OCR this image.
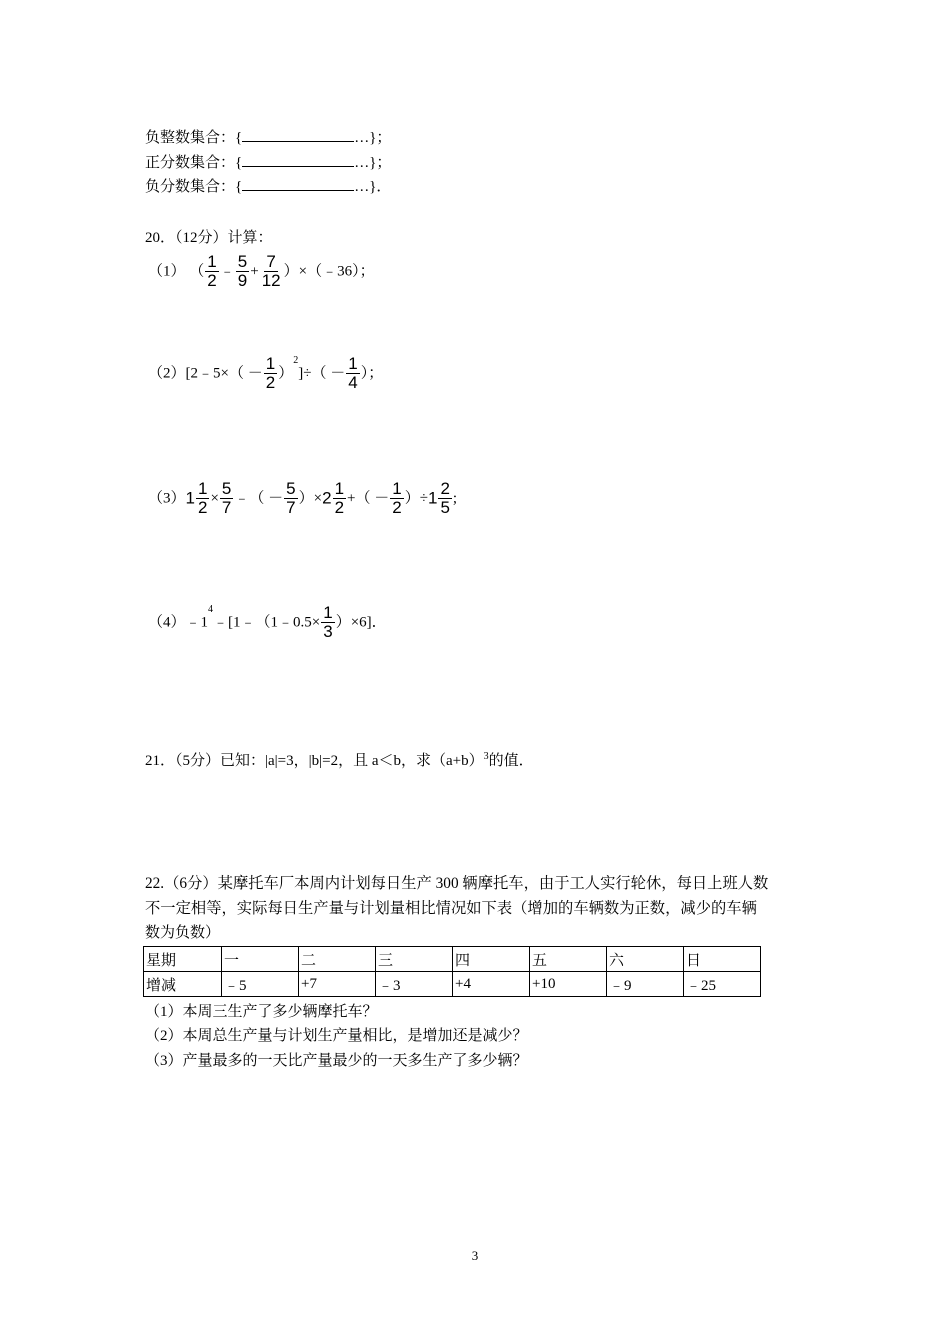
负整数集合：{	…}；
正分数集合：{	…}；
负分数集合：{	…}．
20．（12分）计算：
（1） （ $\frac{1}{2}$ ﹣ $\frac{5}{9} + \frac{7}{12}$ ）×（﹣36）；
（2）[2﹣5×（ － $\frac{1}{2} )^2]\div( - \frac{1}{4}$ ）；
$(3)1 \frac{1}{2} \times \frac{5}{7}$ ﹣（ － $\frac{5}{7} )\times 2 \frac{1}{2}$ +（ － $\frac{1}{2} )\div 1 \frac{2}{5}$ ;
$(4)﹣1^4﹣[1﹣(1﹣0.5\times \frac{1}{3} )\times 6]$．
21．（5分）已知：|a|=3，|b|=2，且 a＜b，求$(a+b)^3$的值．
22.（6分）某摩托车厂本周内计划每日生产 300 辆摩托车，由于工人实行轮休，每日上班人数
不一定相等，实际每日生产量与计划量相比情况如下表（增加的车辆数为正数，减少的车辆
数为负数）
星期	一	二	三	四	五	六	日
增减	﹣5	+7	﹣3	+4	+10	﹣9	﹣25
（1）本周三生产了多少辆摩托车？
（2）本周总生产量与计划生产量相比，是增加还是减少？
（3）产量最多的一天比产量最少的一天多生产了多少辆？
3
